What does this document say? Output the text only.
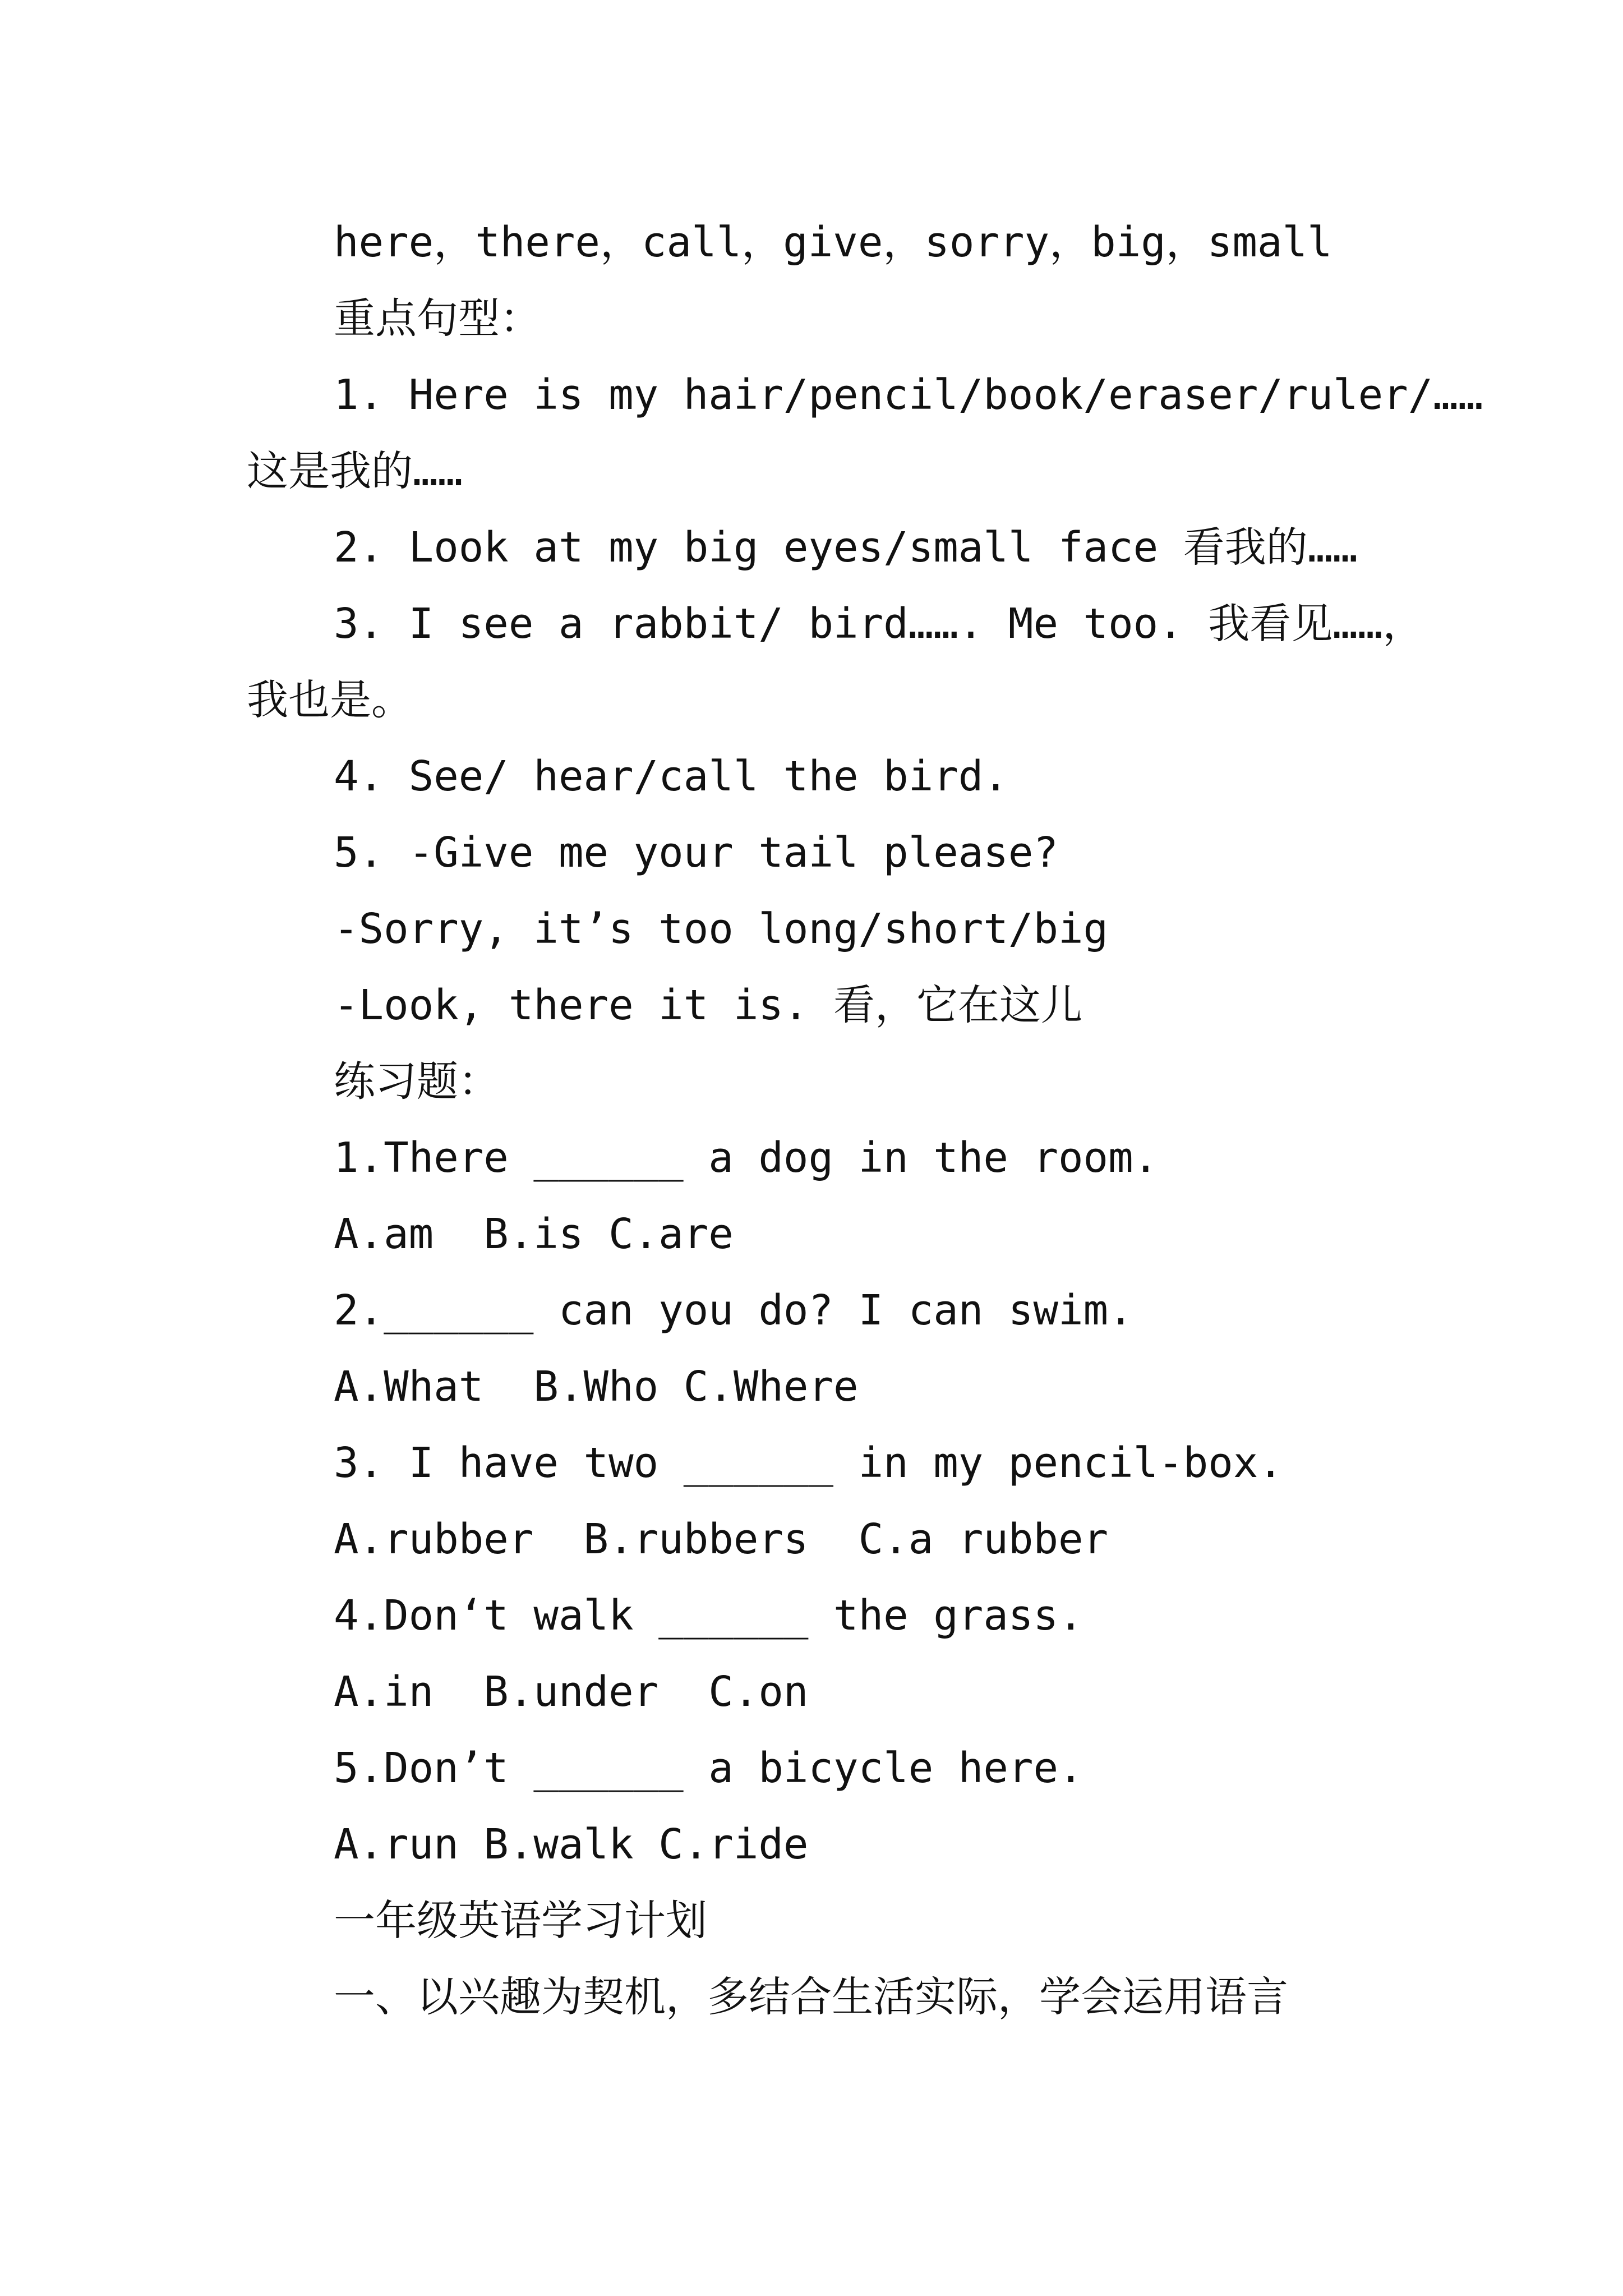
here，there，call，give，sorry，big，small
重点句型：
1. Here is my hair/pencil/book/eraser/ruler/……
这是我的……
2. Look at my big eyes/small face 看我的……
3. I see a rabbit/ bird……. Me too. 我看见……，
我也是。
4. See/ hear/call the bird.
5. -Give me your tail please?
-Sorry, it’s too long/short/big
-Look, there it is. 看，它在这儿
练习题：
1.There ______ a dog in the room.
A.am  B.is C.are
2.______ can you do? I can swim.
A.What  B.Who C.Where
3. I have two ______ in my pencil-box.
A.rubber  B.rubbers  C.a rubber
4.Don‘t walk ______ the grass.
A.in  B.under  C.on
5.Don’t ______ a bicycle here.
A.run B.walk C.ride
一年级英语学习计划
一、以兴趣为契机，多结合生活实际，学会运用语言
